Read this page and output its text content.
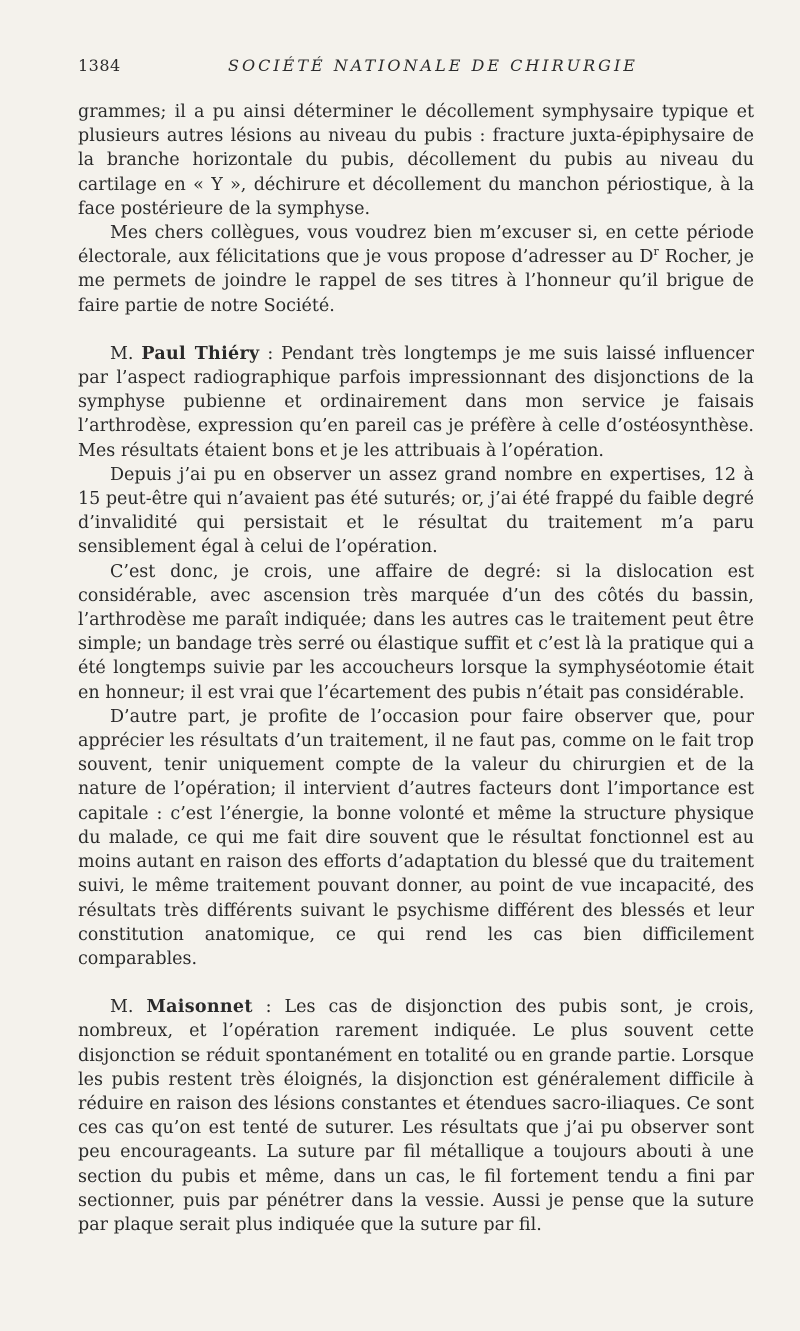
1384	SOCIÉTÉ NATIONALE DE CHIRURGIE

grammes; il a pu ainsi déterminer le décollement symphysaire typique et plusieurs autres lésions au niveau du pubis : fracture juxta-épiphysaire de la branche horizontale du pubis, décollement du pubis au niveau du cartilage en « Y », déchirure et décollement du manchon périostique, à la face postérieure de la symphyse.

Mes chers collègues, vous voudrez bien m’excuser si, en cette période électorale, aux félicitations que je vous propose d’adresser au $D^r$ Rocher, je me permets de joindre le rappel de ses titres à l’honneur qu’il brigue de faire partie de notre Société.

M. Paul Thiéry : Pendant très longtemps je me suis laissé influencer par l’aspect radiographique parfois impressionnant des disjonctions de la symphyse pubienne et ordinairement dans mon service je faisais l’arthrodèse, expression qu’en pareil cas je préfère à celle d’ostéosynthèse. Mes résultats étaient bons et je les attribuais à l’opération.

Depuis j’ai pu en observer un assez grand nombre en expertises, 12 à 15 peut-être qui n’avaient pas été suturés; or, j’ai été frappé du faible degré d’invalidité qui persistait et le résultat du traitement m’a paru sensiblement égal à celui de l’opération.

C’est donc, je crois, une affaire de degré: si la dislocation est considérable, avec ascension très marquée d’un des côtés du bassin, l’arthrodèse me paraît indiquée; dans les autres cas le traitement peut être simple; un bandage très serré ou élastique suffit et c’est là la pratique qui a été longtemps suivie par les accoucheurs lorsque la symphyséotomie était en honneur; il est vrai que l’écartement des pubis n’était pas considérable.

D’autre part, je profite de l’occasion pour faire observer que, pour apprécier les résultats d’un traitement, il ne faut pas, comme on le fait trop souvent, tenir uniquement compte de la valeur du chirurgien et de la nature de l’opération; il intervient d’autres facteurs dont l’importance est capitale : c’est l’énergie, la bonne volonté et même la structure physique du malade, ce qui me fait dire souvent que le résultat fonctionnel est au moins autant en raison des efforts d’adaptation du blessé que du traitement suivi, le même traitement pouvant donner, au point de vue incapacité, des résultats très différents suivant le psychisme différent des blessés et leur constitution anatomique, ce qui rend les cas bien difficilement comparables.

M. Maisonnet : Les cas de disjonction des pubis sont, je crois, nombreux, et l’opération rarement indiquée. Le plus souvent cette disjonction se réduit spontanément en totalité ou en grande partie. Lorsque les pubis restent très éloignés, la disjonction est généralement difficile à réduire en raison des lésions constantes et étendues sacro-iliaques. Ce sont ces cas qu’on est tenté de suturer. Les résultats que j’ai pu observer sont peu encourageants. La suture par fil métallique a toujours abouti à une section du pubis et même, dans un cas, le fil fortement tendu a fini par sectionner, puis par pénétrer dans la vessie. Aussi je pense que la suture par plaque serait plus indiquée que la suture par fil.
